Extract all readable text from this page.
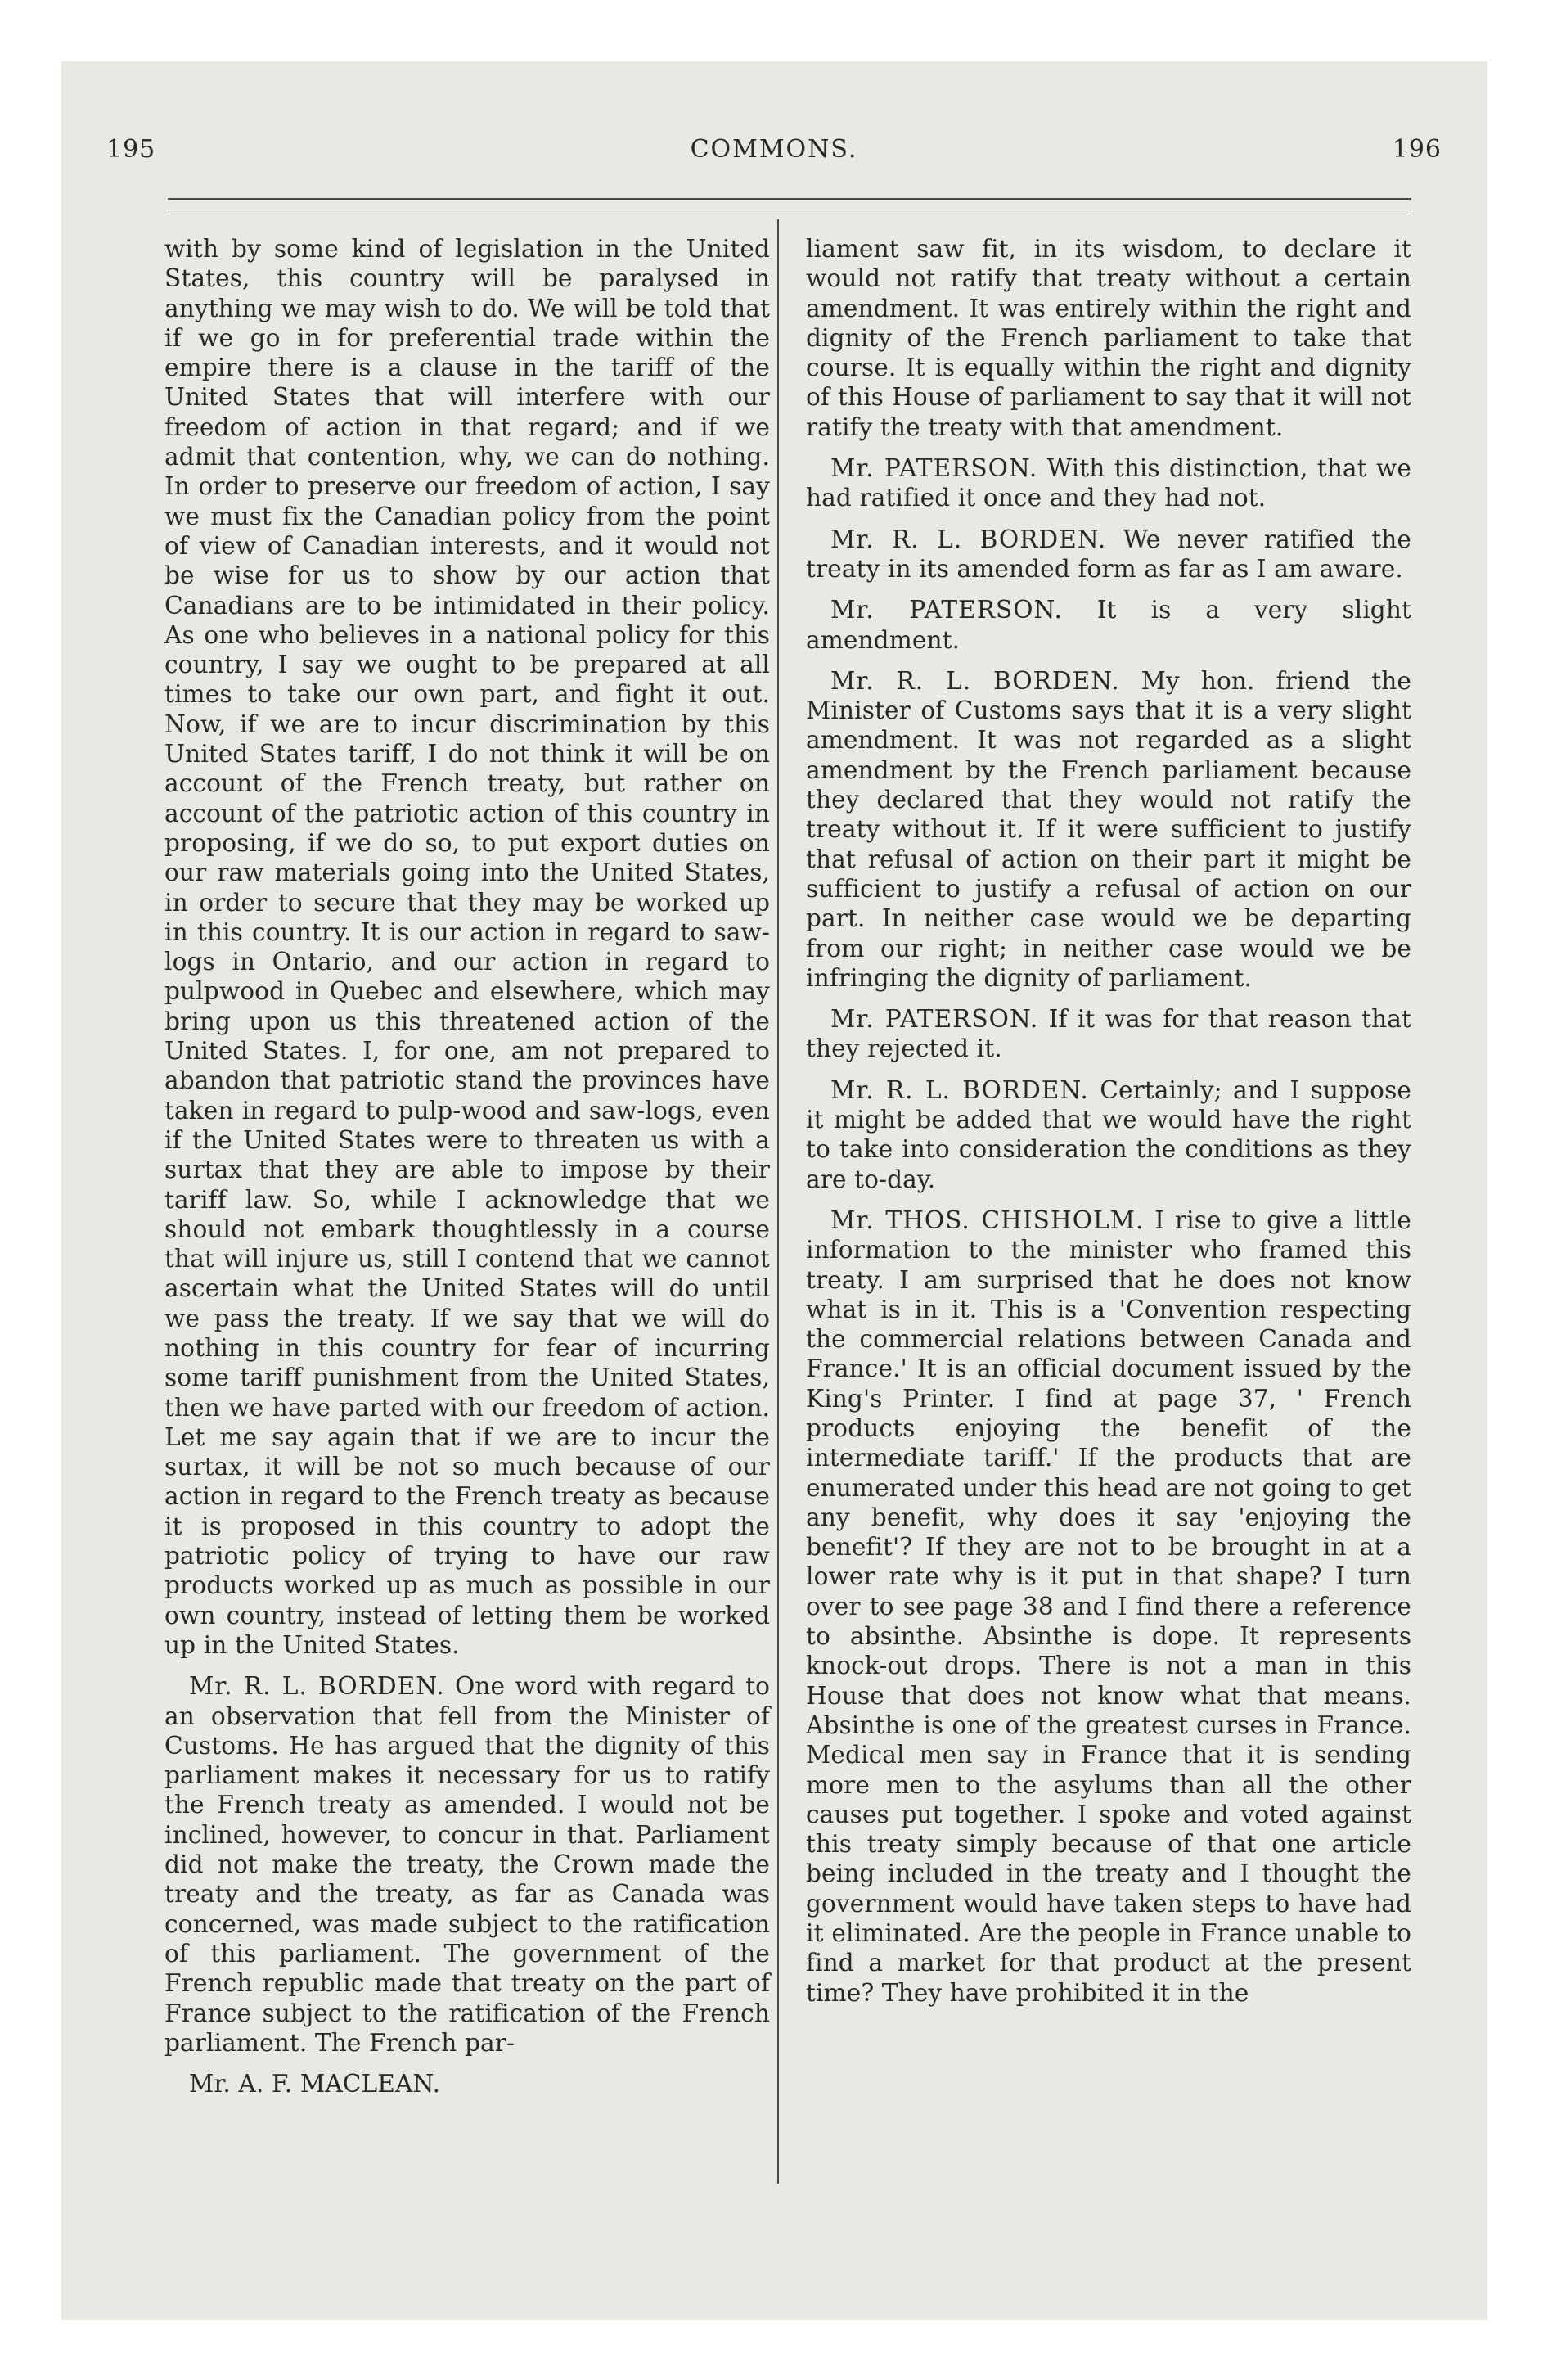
195	COMMONS.	196

with by some kind of legislation in the United States, this country will be paralysed in anything we may wish to do. We will be told that if we go in for preferential trade within the empire there is a clause in the tariff of the United States that will interfere with our freedom of action in that regard; and if we admit that contention, why, we can do nothing. In order to preserve our freedom of action, I say we must fix the Canadian policy from the point of view of Canadian interests, and it would not be wise for us to show by our action that Canadians are to be intimidated in their policy. As one who believes in a national policy for this country, I say we ought to be prepared at all times to take our own part, and fight it out. Now, if we are to incur discrimination by this United States tariff, I do not think it will be on account of the French treaty, but rather on account of the patriotic action of this country in proposing, if we do so, to put export duties on our raw materials going into the United States, in order to secure that they may be worked up in this country. It is our action in regard to saw-logs in Ontario, and our action in regard to pulpwood in Quebec and elsewhere, which may bring upon us this threatened action of the United States. I, for one, am not prepared to abandon that patriotic stand the provinces have taken in regard to pulp-wood and saw-logs, even if the United States were to threaten us with a surtax that they are able to impose by their tariff law. So, while I acknowledge that we should not embark thoughtlessly in a course that will injure us, still I contend that we cannot ascertain what the United States will do until we pass the treaty. If we say that we will do nothing in this country for fear of incurring some tariff punishment from the United States, then we have parted with our freedom of action. Let me say again that if we are to incur the surtax, it will be not so much because of our action in regard to the French treaty as because it is proposed in this country to adopt the patriotic policy of trying to have our raw products worked up as much as possible in our own country, instead of letting them be worked up in the United States.

Mr. R. L. BORDEN. One word with regard to an observation that fell from the Minister of Customs. He has argued that the dignity of this parliament makes it necessary for us to ratify the French treaty as amended. I would not be inclined, however, to concur in that. Parliament did not make the treaty, the Crown made the treaty and the treaty, as far as Canada was concerned, was made subject to the ratification of this parliament. The government of the French republic made that treaty on the part of France subject to the ratification of the French parliament. The French par-

Mr. A. F. MACLEAN.

liament saw fit, in its wisdom, to declare it would not ratify that treaty without a certain amendment. It was entirely within the right and dignity of the French parliament to take that course. It is equally within the right and dignity of this House of parliament to say that it will not ratify the treaty with that amendment.

Mr. PATERSON. With this distinction, that we had ratified it once and they had not.

Mr. R. L. BORDEN. We never ratified the treaty in its amended form as far as I am aware.

Mr. PATERSON. It is a very slight amendment.

Mr. R. L. BORDEN. My hon. friend the Minister of Customs says that it is a very slight amendment. It was not regarded as a slight amendment by the French parliament because they declared that they would not ratify the treaty without it. If it were sufficient to justify that refusal of action on their part it might be sufficient to justify a refusal of action on our part. In neither case would we be departing from our right; in neither case would we be infringing the dignity of parliament.

Mr. PATERSON. If it was for that reason that they rejected it.

Mr. R. L. BORDEN. Certainly; and I suppose it might be added that we would have the right to take into consideration the conditions as they are to-day.

Mr. THOS. CHISHOLM. I rise to give a little information to the minister who framed this treaty. I am surprised that he does not know what is in it. This is a 'Convention respecting the commercial relations between Canada and France.' It is an official document issued by the King's Printer. I find at page 37, ' French products enjoying the benefit of the intermediate tariff.' If the products that are enumerated under this head are not going to get any benefit, why does it say 'enjoying the benefit'? If they are not to be brought in at a lower rate why is it put in that shape? I turn over to see page 38 and I find there a reference to absinthe. Absinthe is dope. It represents knock-out drops. There is not a man in this House that does not know what that means. Absinthe is one of the greatest curses in France. Medical men say in France that it is sending more men to the asylums than all the other causes put together. I spoke and voted against this treaty simply because of that one article being included in the treaty and I thought the government would have taken steps to have had it eliminated. Are the people in France unable to find a market for that product at the present time? They have prohibited it in the
